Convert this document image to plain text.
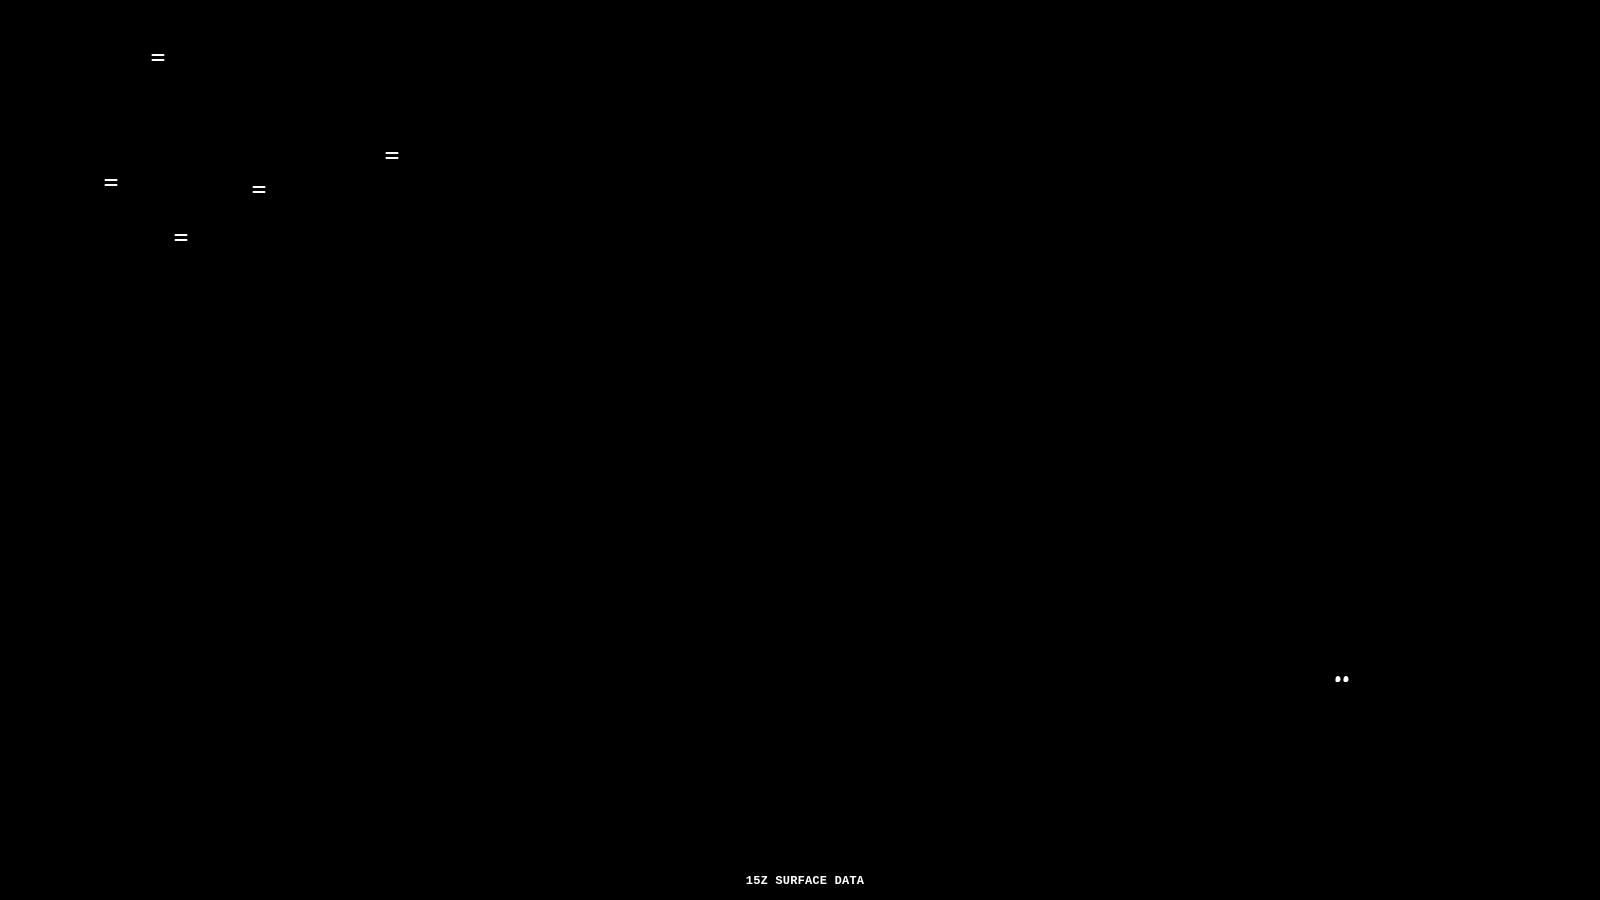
15Z SURFACE DATA
